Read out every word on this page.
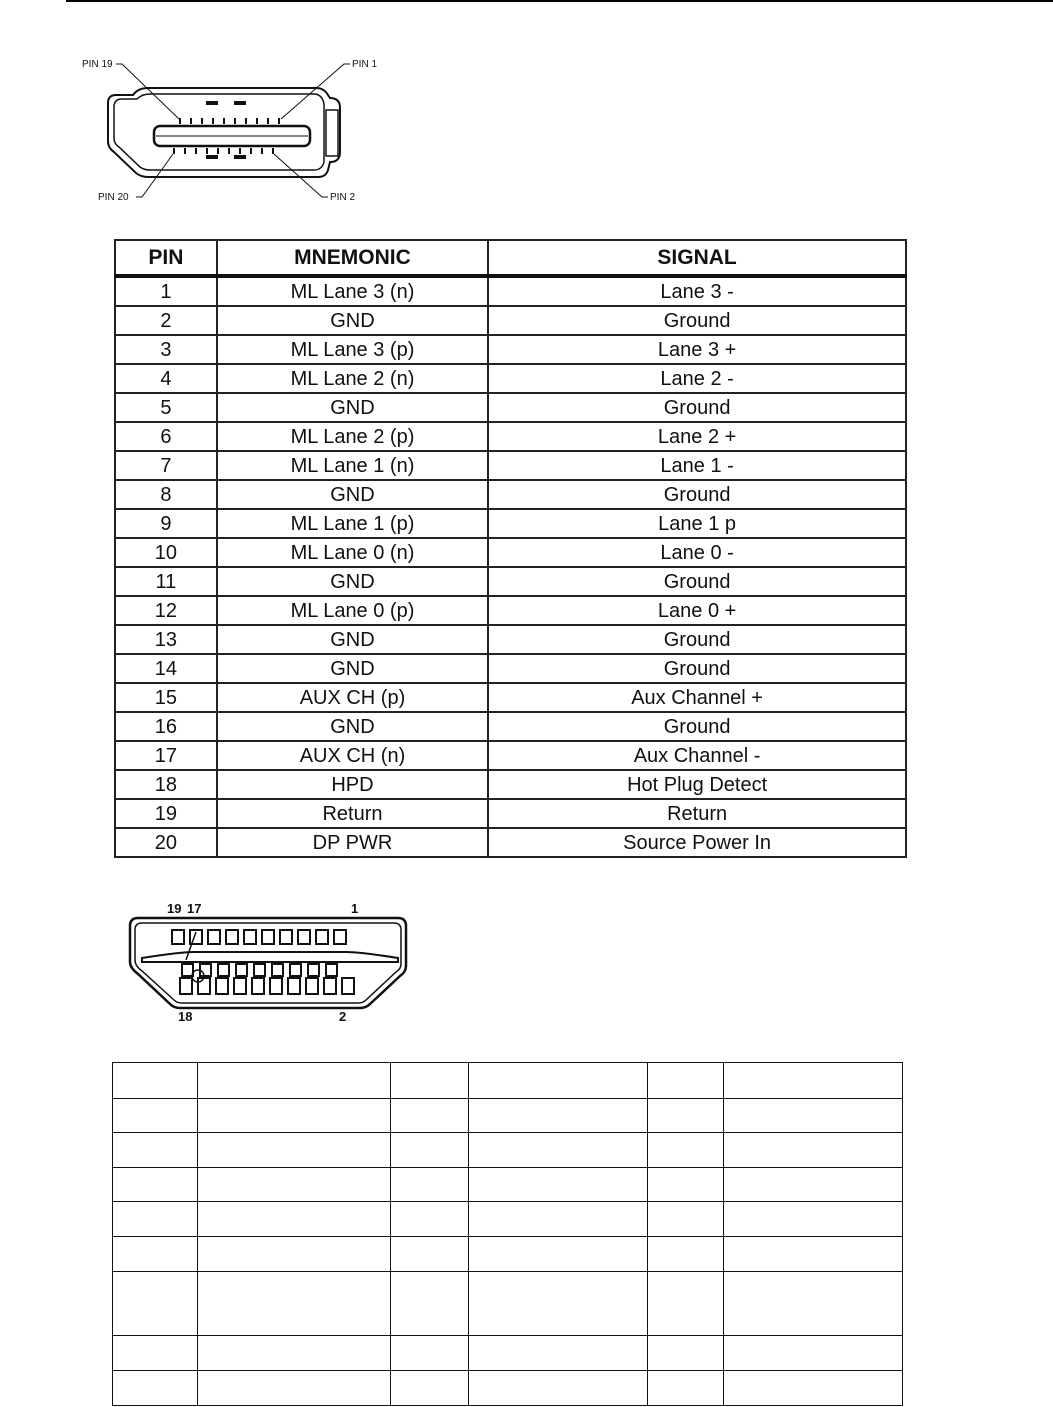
PIN 19	PIN 1
PIN 20	PIN 2
PIN	MNEMONIC	SIGNAL
1	ML Lane 3 (n)	Lane 3 -
2	GND	Ground
3	ML Lane 3 (p)	Lane 3 +
4	ML Lane 2 (n)	Lane 2 -
5	GND	Ground
6	ML Lane 2 (p)	Lane 2 +
7	ML Lane 1 (n)	Lane 1 -
8	GND	Ground
9	ML Lane 1 (p)	Lane 1 p
10	ML Lane 0 (n)	Lane 0 -
11	GND	Ground
12	ML Lane 0 (p)	Lane 0 +
13	GND	Ground
14	GND	Ground
15	AUX CH (p)	Aux Channel +
16	GND	Ground
17	AUX CH (n)	Aux Channel -
18	HPD	Hot Plug Detect
19	Return	Return
20	DP PWR	Source Power In
19 17	1
18	2
